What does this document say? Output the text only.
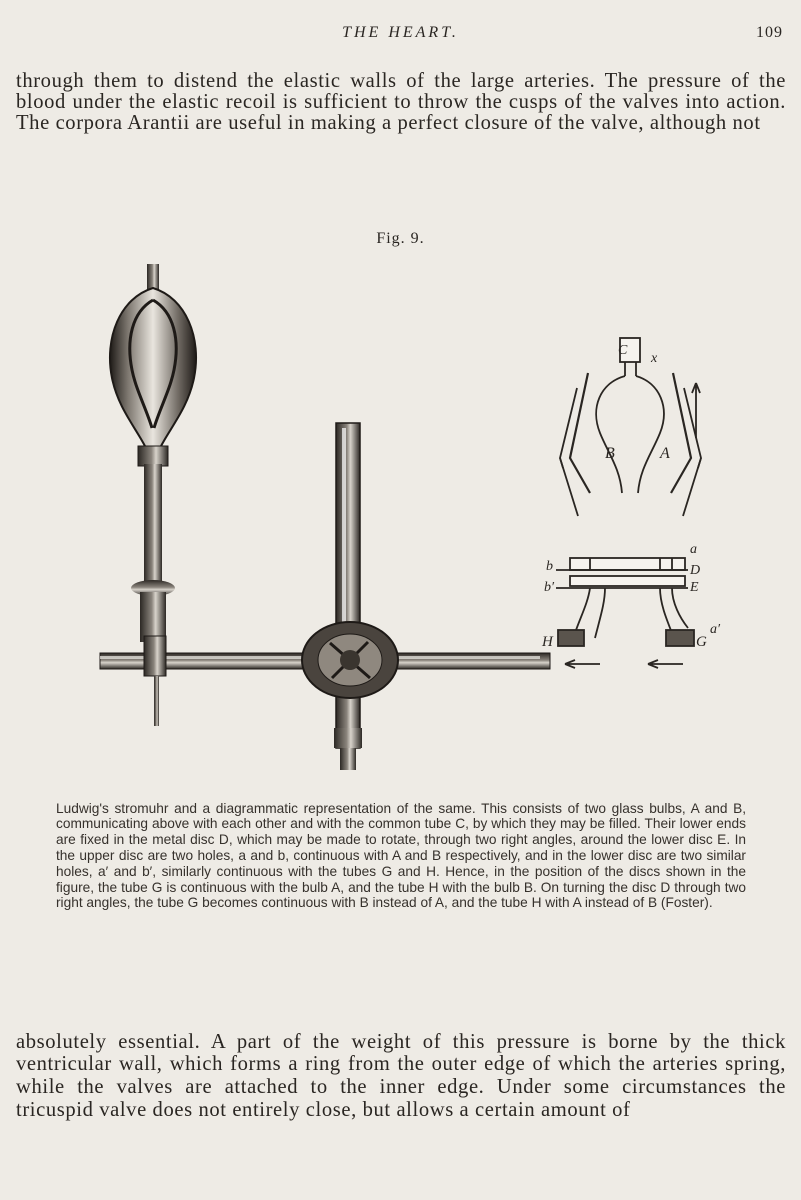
THE HEART.	109

through them to distend the elastic walls of the large arteries. The pressure of the blood under the elastic recoil is sufficient to throw the cusps of the valves into action. The corpora Arantii are useful in making a perfect closure of the valve, although not

Fig. 9.
C
x
B	A
a
b
b′
D
E
H	G
a′

Ludwig's stromuhr and a diagrammatic representation of the same. This consists of two glass bulbs, A and B, communicating above with each other and with the common tube C, by which they may be filled. Their lower ends are fixed in the metal disc D, which may be made to rotate, through two right angles, around the lower disc E. In the upper disc are two holes, a and b, continuous with A and B respectively, and in the lower disc are two similar holes, a′ and b′, similarly continuous with the tubes G and H. Hence, in the position of the discs shown in the figure, the tube G is continuous with the bulb A, and the tube H with the bulb B. On turning the disc D through two right angles, the tube G becomes continuous with B instead of A, and the tube H with A instead of B (Foster).

absolutely essential. A part of the weight of this pressure is borne by the thick ventricular wall, which forms a ring from the outer edge of which the arteries spring, while the valves are attached to the inner edge. Under some circumstances the tricuspid valve does not entirely close, but allows a certain amount of
